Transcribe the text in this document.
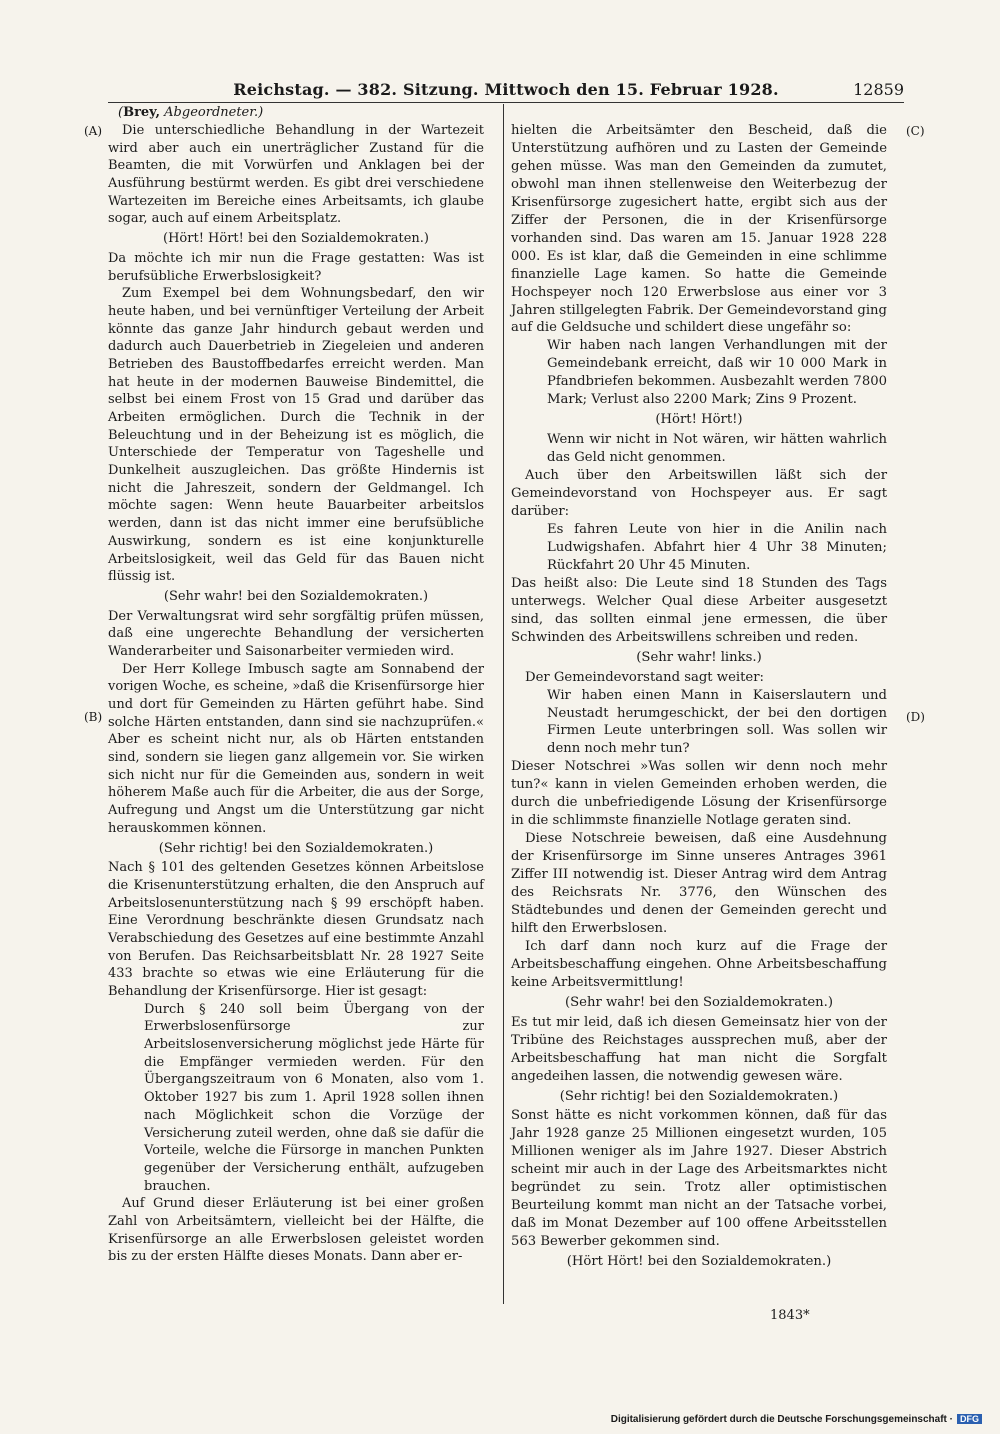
Reichstag. — 382. Sitzung. Mittwoch den 15. Februar 1928.	12859
(Brey, Abgeordneter.)
(A)
(B)
(C)
(D)

Die unterschiedliche Behandlung in der Wartezeit wird aber auch ein unerträglicher Zustand für die Beamten, die mit Vorwürfen und Anklagen bei der Ausführung bestürmt werden. Es gibt drei verschiedene Wartezeiten im Bereiche eines Arbeitsamts, ich glaube sogar, auch auf einem Arbeitsplatz.

(Hört! Hört! bei den Sozialdemokraten.)

Da möchte ich mir nun die Frage gestatten: Was ist berufsübliche Erwerbslosigkeit?

Zum Exempel bei dem Wohnungsbedarf, den wir heute haben, und bei vernünftiger Verteilung der Arbeit könnte das ganze Jahr hindurch gebaut werden und dadurch auch Dauerbetrieb in Ziegeleien und anderen Betrieben des Baustoffbedarfes erreicht werden. Man hat heute in der modernen Bauweise Bindemittel, die selbst bei einem Frost von 15 Grad und darüber das Arbeiten ermöglichen. Durch die Technik in der Beleuchtung und in der Beheizung ist es möglich, die Unterschiede der Temperatur von Tageshelle und Dunkelheit auszugleichen. Das größte Hindernis ist nicht die Jahreszeit, sondern der Geldmangel. Ich möchte sagen: Wenn heute Bauarbeiter arbeitslos werden, dann ist das nicht immer eine berufsübliche Auswirkung, sondern es ist eine konjunkturelle Arbeitslosigkeit, weil das Geld für das Bauen nicht flüssig ist.

(Sehr wahr! bei den Sozialdemokraten.)

Der Verwaltungsrat wird sehr sorgfältig prüfen müssen, daß eine ungerechte Behandlung der versicherten Wanderarbeiter und Saisonarbeiter vermieden wird.

Der Herr Kollege Imbusch sagte am Sonnabend der vorigen Woche, es scheine, »daß die Krisenfürsorge hier und dort für Gemeinden zu Härten geführt habe. Sind solche Härten entstanden, dann sind sie nachzuprüfen.« Aber es scheint nicht nur, als ob Härten entstanden sind, sondern sie liegen ganz allgemein vor. Sie wirken sich nicht nur für die Gemeinden aus, sondern in weit höherem Maße auch für die Arbeiter, die aus der Sorge, Aufregung und Angst um die Unterstützung gar nicht herauskommen können.

(Sehr richtig! bei den Sozialdemokraten.)

Nach § 101 des geltenden Gesetzes können Arbeitslose die Krisenunterstützung erhalten, die den Anspruch auf Arbeitslosenunterstützung nach § 99 erschöpft haben. Eine Verordnung beschränkte diesen Grundsatz nach Verabschiedung des Gesetzes auf eine bestimmte Anzahl von Berufen. Das Reichsarbeitsblatt Nr. 28 1927 Seite 433 brachte so etwas wie eine Erläuterung für die Behandlung der Krisenfürsorge. Hier ist gesagt:

Durch § 240 soll beim Übergang von der Erwerbslosenfürsorge zur Arbeitslosenversicherung möglichst jede Härte für die Empfänger vermieden werden. Für den Übergangszeitraum von 6 Monaten, also vom 1. Oktober 1927 bis zum 1. April 1928 sollen ihnen nach Möglichkeit schon die Vorzüge der Versicherung zuteil werden, ohne daß sie dafür die Vorteile, welche die Fürsorge in manchen Punkten gegenüber der Versicherung enthält, aufzugeben brauchen.

Auf Grund dieser Erläuterung ist bei einer großen Zahl von Arbeitsämtern, vielleicht bei der Hälfte, die Krisenfürsorge an alle Erwerbslosen geleistet worden bis zu der ersten Hälfte dieses Monats. Dann aber er-

hielten die Arbeitsämter den Bescheid, daß die Unterstützung aufhören und zu Lasten der Gemeinde gehen müsse. Was man den Gemeinden da zumutet, obwohl man ihnen stellenweise den Weiterbezug der Krisenfürsorge zugesichert hatte, ergibt sich aus der Ziffer der Personen, die in der Krisenfürsorge vorhanden sind. Das waren am 15. Januar 1928 228 000. Es ist klar, daß die Gemeinden in eine schlimme finanzielle Lage kamen. So hatte die Gemeinde Hochspeyer noch 120 Erwerbslose aus einer vor 3 Jahren stillgelegten Fabrik. Der Gemeindevorstand ging auf die Geldsuche und schildert diese ungefähr so:

Wir haben nach langen Verhandlungen mit der Gemeindebank erreicht, daß wir 10 000 Mark in Pfandbriefen bekommen. Ausbezahlt werden 7800 Mark; Verlust also 2200 Mark; Zins 9 Prozent.

(Hört! Hört!)

Wenn wir nicht in Not wären, wir hätten wahrlich das Geld nicht genommen.

Auch über den Arbeitswillen läßt sich der Gemeindevorstand von Hochspeyer aus. Er sagt darüber:

Es fahren Leute von hier in die Anilin nach Ludwigshafen. Abfahrt hier 4 Uhr 38 Minuten; Rückfahrt 20 Uhr 45 Minuten.

Das heißt also: Die Leute sind 18 Stunden des Tags unterwegs. Welcher Qual diese Arbeiter ausgesetzt sind, das sollten einmal jene ermessen, die über Schwinden des Arbeitswillens schreiben und reden.

(Sehr wahr! links.)

Der Gemeindevorstand sagt weiter:

Wir haben einen Mann in Kaiserslautern und Neustadt herumgeschickt, der bei den dortigen Firmen Leute unterbringen soll. Was sollen wir denn noch mehr tun?

Dieser Notschrei »Was sollen wir denn noch mehr tun?« kann in vielen Gemeinden erhoben werden, die durch die unbefriedigende Lösung der Krisenfürsorge in die schlimmste finanzielle Notlage geraten sind.

Diese Notschreie beweisen, daß eine Ausdehnung der Krisenfürsorge im Sinne unseres Antrages 3961 Ziffer III notwendig ist. Dieser Antrag wird dem Antrag des Reichsrats Nr. 3776, den Wünschen des Städtebundes und denen der Gemeinden gerecht und hilft den Erwerbslosen.

Ich darf dann noch kurz auf die Frage der Arbeitsbeschaffung eingehen. Ohne Arbeitsbeschaffung keine Arbeitsvermittlung!

(Sehr wahr! bei den Sozialdemokraten.)

Es tut mir leid, daß ich diesen Gemeinsatz hier von der Tribüne des Reichstages aussprechen muß, aber der Arbeitsbeschaffung hat man nicht die Sorgfalt angedeihen lassen, die notwendig gewesen wäre.

(Sehr richtig! bei den Sozialdemokraten.)

Sonst hätte es nicht vorkommen können, daß für das Jahr 1928 ganze 25 Millionen eingesetzt wurden, 105 Millionen weniger als im Jahre 1927. Dieser Abstrich scheint mir auch in der Lage des Arbeitsmarktes nicht begründet zu sein. Trotz aller optimistischen Beurteilung kommt man nicht an der Tatsache vorbei, daß im Monat Dezember auf 100 offene Arbeitsstellen 563 Bewerber gekommen sind.

(Hört Hört! bei den Sozialdemokraten.)

1843*
Digitalisierung gefördert durch die Deutsche Forschungsgemeinschaft · DFG
